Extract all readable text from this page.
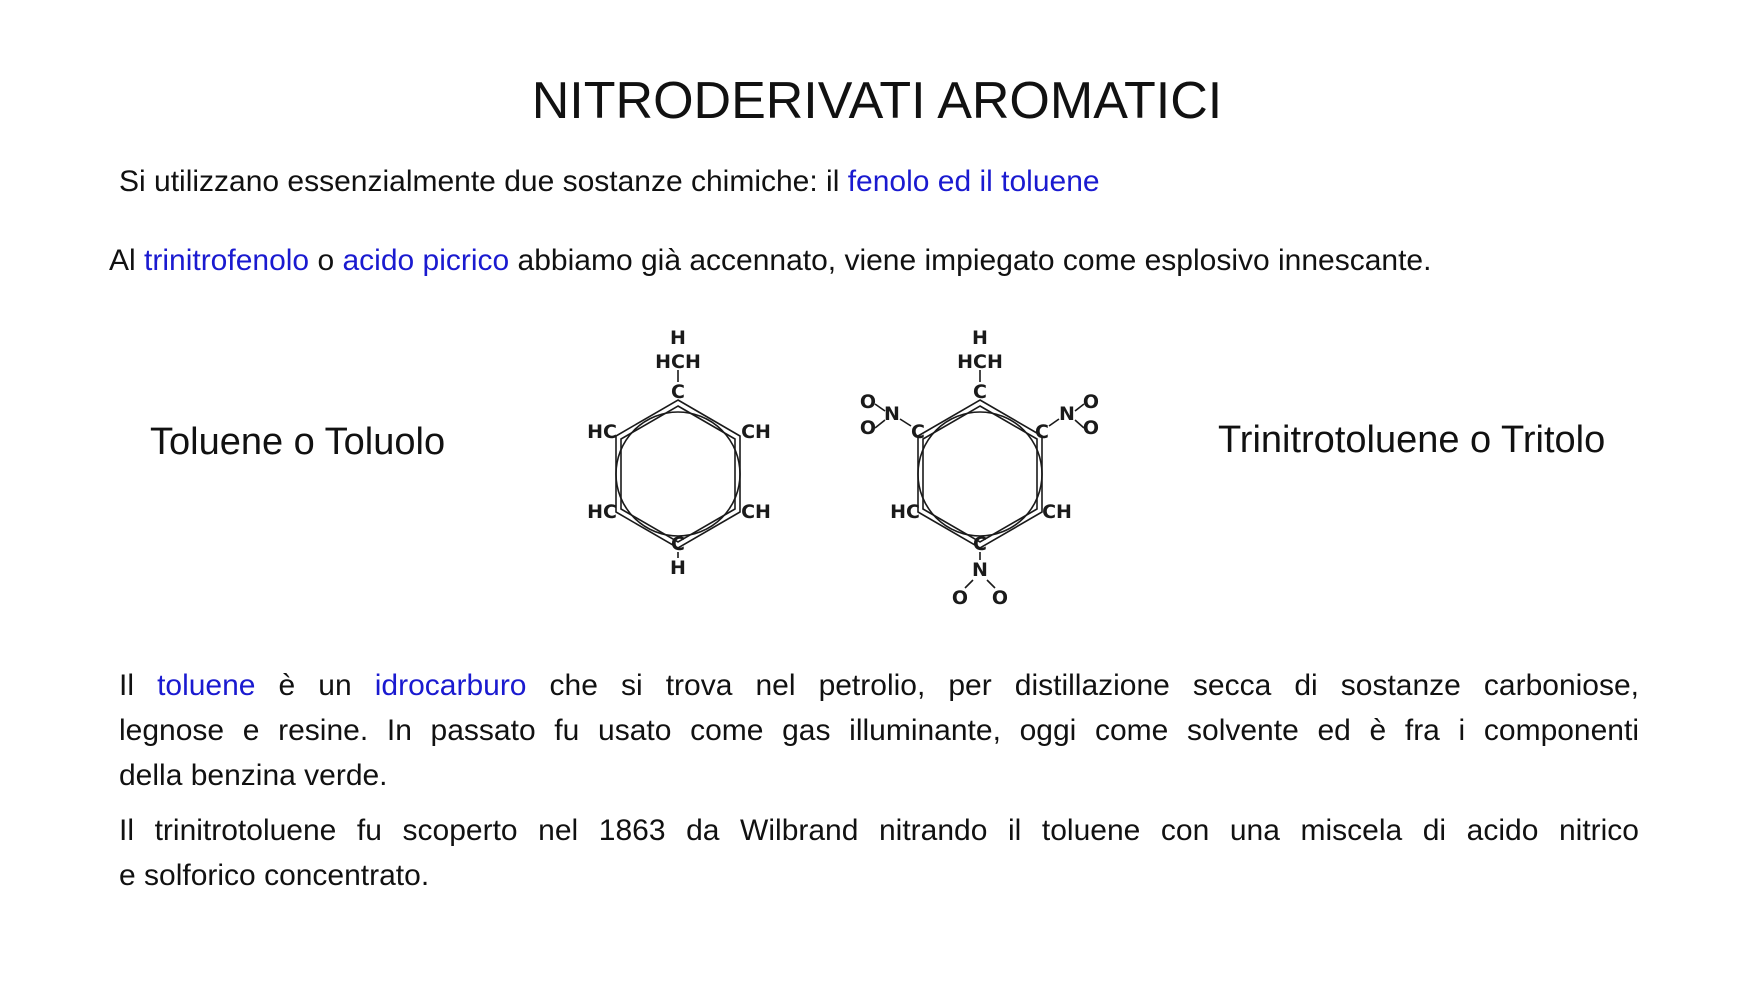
NITRODERIVATI AROMATICI
Si utilizzano essenzialmente due sostanze chimiche: il fenolo ed il toluene
Al trinitrofenolo o acido picrico abbiamo già accennato, viene impiegato come esplosivo innescante.
Toluene o Toluolo	Trinitrotoluene o Tritolo
H
HCH
C
HC	CH
HC	CH
C
H
H
HCH
C
C
N
O
O	C
N
O
O
HC	CH
C
N
O O
Il toluene è un idrocarburo che si trova nel petrolio, per distillazione secca di sostanze carboniose,
legnose e resine. In passato fu usato come gas illuminante, oggi come solvente ed è fra i componenti
della benzina verde.
Il trinitrotoluene fu scoperto nel 1863 da Wilbrand nitrando il toluene con una miscela di acido nitrico
e solforico concentrato.
